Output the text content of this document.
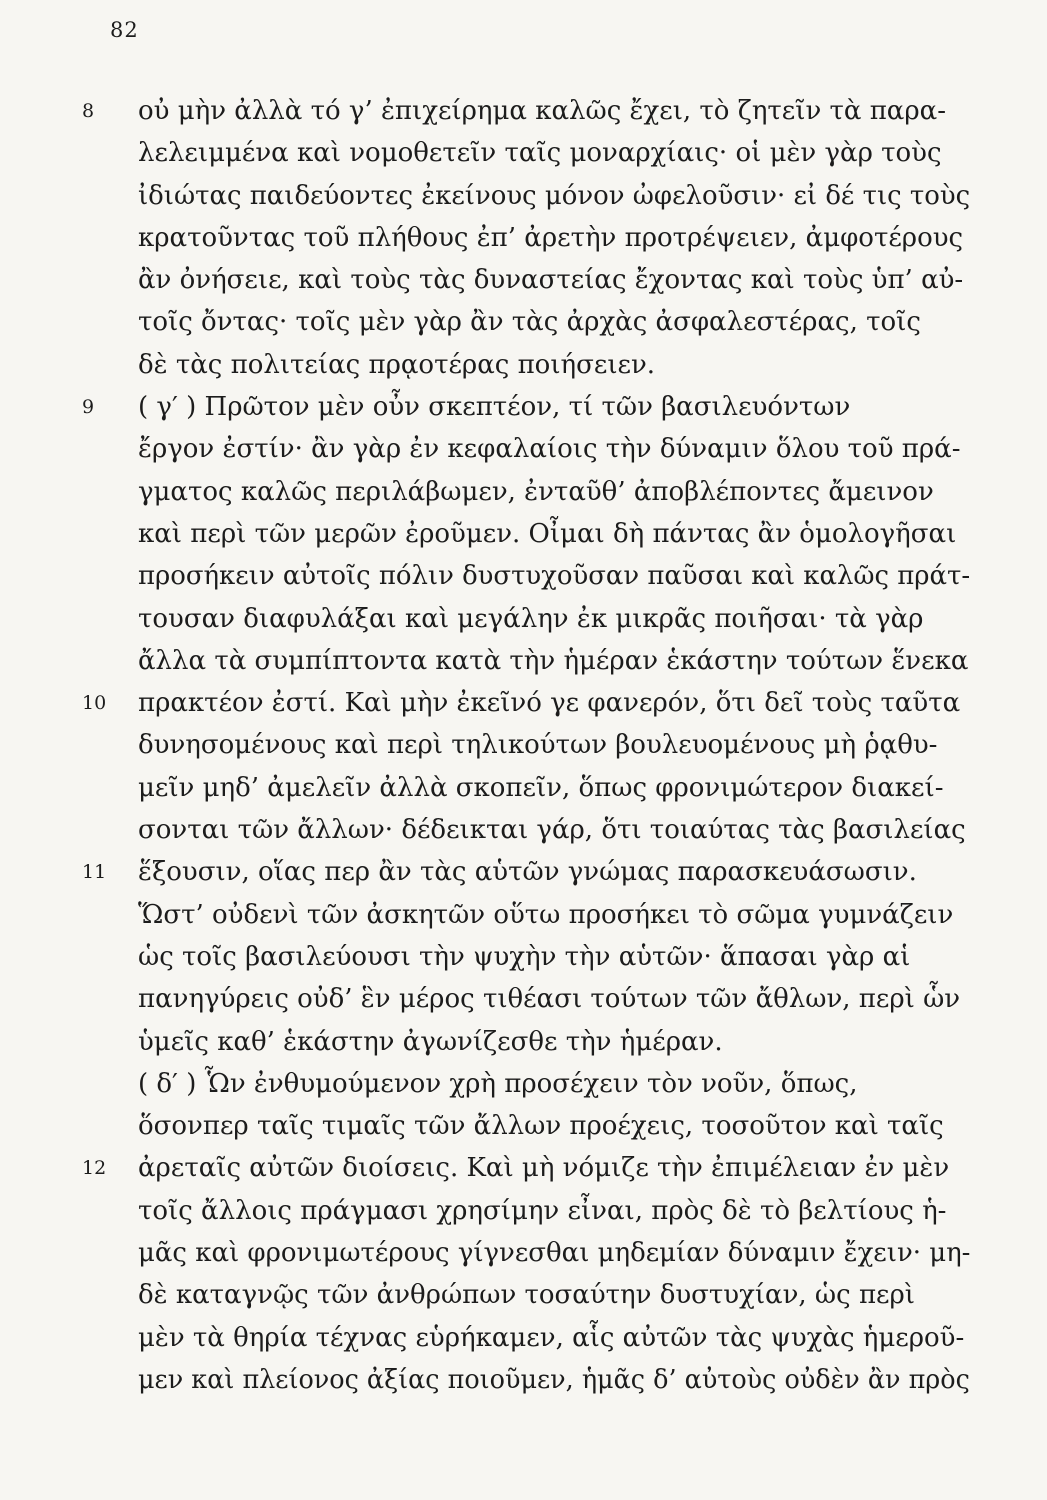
82
8	οὐ μὴν ἀλλὰ τό γ’ ἐπιχείρημα καλῶς ἔχει, τὸ ζητεῖν τὰ παρα-
λελειμμένα καὶ νομοθετεῖν ταῖς μοναρχίαις· οἱ μὲν γὰρ τοὺς
ἰδιώτας παιδεύοντες ἐκείνους μόνον ὠφελοῦσιν· εἰ δέ τις τοὺς
κρατοῦντας τοῦ πλήθους ἐπ’ ἀρετὴν προτρέψειεν, ἀμφοτέρους
ἂν ὀνήσειε, καὶ τοὺς τὰς δυναστείας ἔχοντας καὶ τοὺς ὑπ’ αὐ-
τοῖς ὄντας· τοῖς μὲν γὰρ ἂν τὰς ἀρχὰς ἀσφαλεστέρας, τοῖς
δὲ τὰς πολιτείας πρᾳοτέρας ποιήσειεν.
9	( γ′ ) Πρῶτον μὲν οὖν σκεπτέον, τί τῶν βασιλευόντων
ἔργον ἐστίν· ἂν γὰρ ἐν κεφαλαίοις τὴν δύναμιν ὅλου τοῦ πρά-
γματος καλῶς περιλάβωμεν, ἐνταῦθ’ ἀποβλέποντες ἄμεινον
καὶ περὶ τῶν μερῶν ἐροῦμεν. Οἶμαι δὴ πάντας ἂν ὁμολογῆσαι
προσήκειν αὐτοῖς πόλιν δυστυχοῦσαν παῦσαι καὶ καλῶς πράτ-
τουσαν διαφυλάξαι καὶ μεγάλην ἐκ μικρᾶς ποιῆσαι· τὰ γὰρ
ἄλλα τὰ συμπίπτοντα κατὰ τὴν ἡμέραν ἑκάστην τούτων ἕνεκα
10	πρακτέον ἐστί. Καὶ μὴν ἐκεῖνό γε φανερόν, ὅτι δεῖ τοὺς ταῦτα
δυνησομένους καὶ περὶ τηλικούτων βουλευομένους μὴ ῥᾳθυ-
μεῖν μηδ’ ἀμελεῖν ἀλλὰ σκοπεῖν, ὅπως φρονιμώτερον διακεί-
σονται τῶν ἄλλων· δέδεικται γάρ, ὅτι τοιαύτας τὰς βασιλείας
11	ἕξουσιν, οἵας περ ἂν τὰς αὑτῶν γνώμας παρασκευάσωσιν.
Ὥστ’ οὐδενὶ τῶν ἀσκητῶν οὕτω προσήκει τὸ σῶμα γυμνάζειν
ὡς τοῖς βασιλεύουσι τὴν ψυχὴν τὴν αὑτῶν· ἅπασαι γὰρ αἱ
πανηγύρεις οὐδ’ ἓν μέρος τιθέασι τούτων τῶν ἄθλων, περὶ ὧν
ὑμεῖς καθ’ ἑκάστην ἀγωνίζεσθε τὴν ἡμέραν.
( δ′ ) Ὧν ἐνθυμούμενον χρὴ προσέχειν τὸν νοῦν, ὅπως,
ὅσονπερ ταῖς τιμαῖς τῶν ἄλλων προέχεις, τοσοῦτον καὶ ταῖς
12	ἀρεταῖς αὐτῶν διοίσεις. Καὶ μὴ νόμιζε τὴν ἐπιμέλειαν ἐν μὲν
τοῖς ἄλλοις πράγμασι χρησίμην εἶναι, πρὸς δὲ τὸ βελτίους ἡ-
μᾶς καὶ φρονιμωτέρους γίγνεσθαι μηδεμίαν δύναμιν ἔχειν· μη-
δὲ καταγνῷς τῶν ἀνθρώπων τοσαύτην δυστυχίαν, ὡς περὶ
μὲν τὰ θηρία τέχνας εὑρήκαμεν, αἷς αὐτῶν τὰς ψυχὰς ἡμεροῦ-
μεν καὶ πλείονος ἀξίας ποιοῦμεν, ἡμᾶς δ’ αὐτοὺς οὐδὲν ἂν πρὸς
